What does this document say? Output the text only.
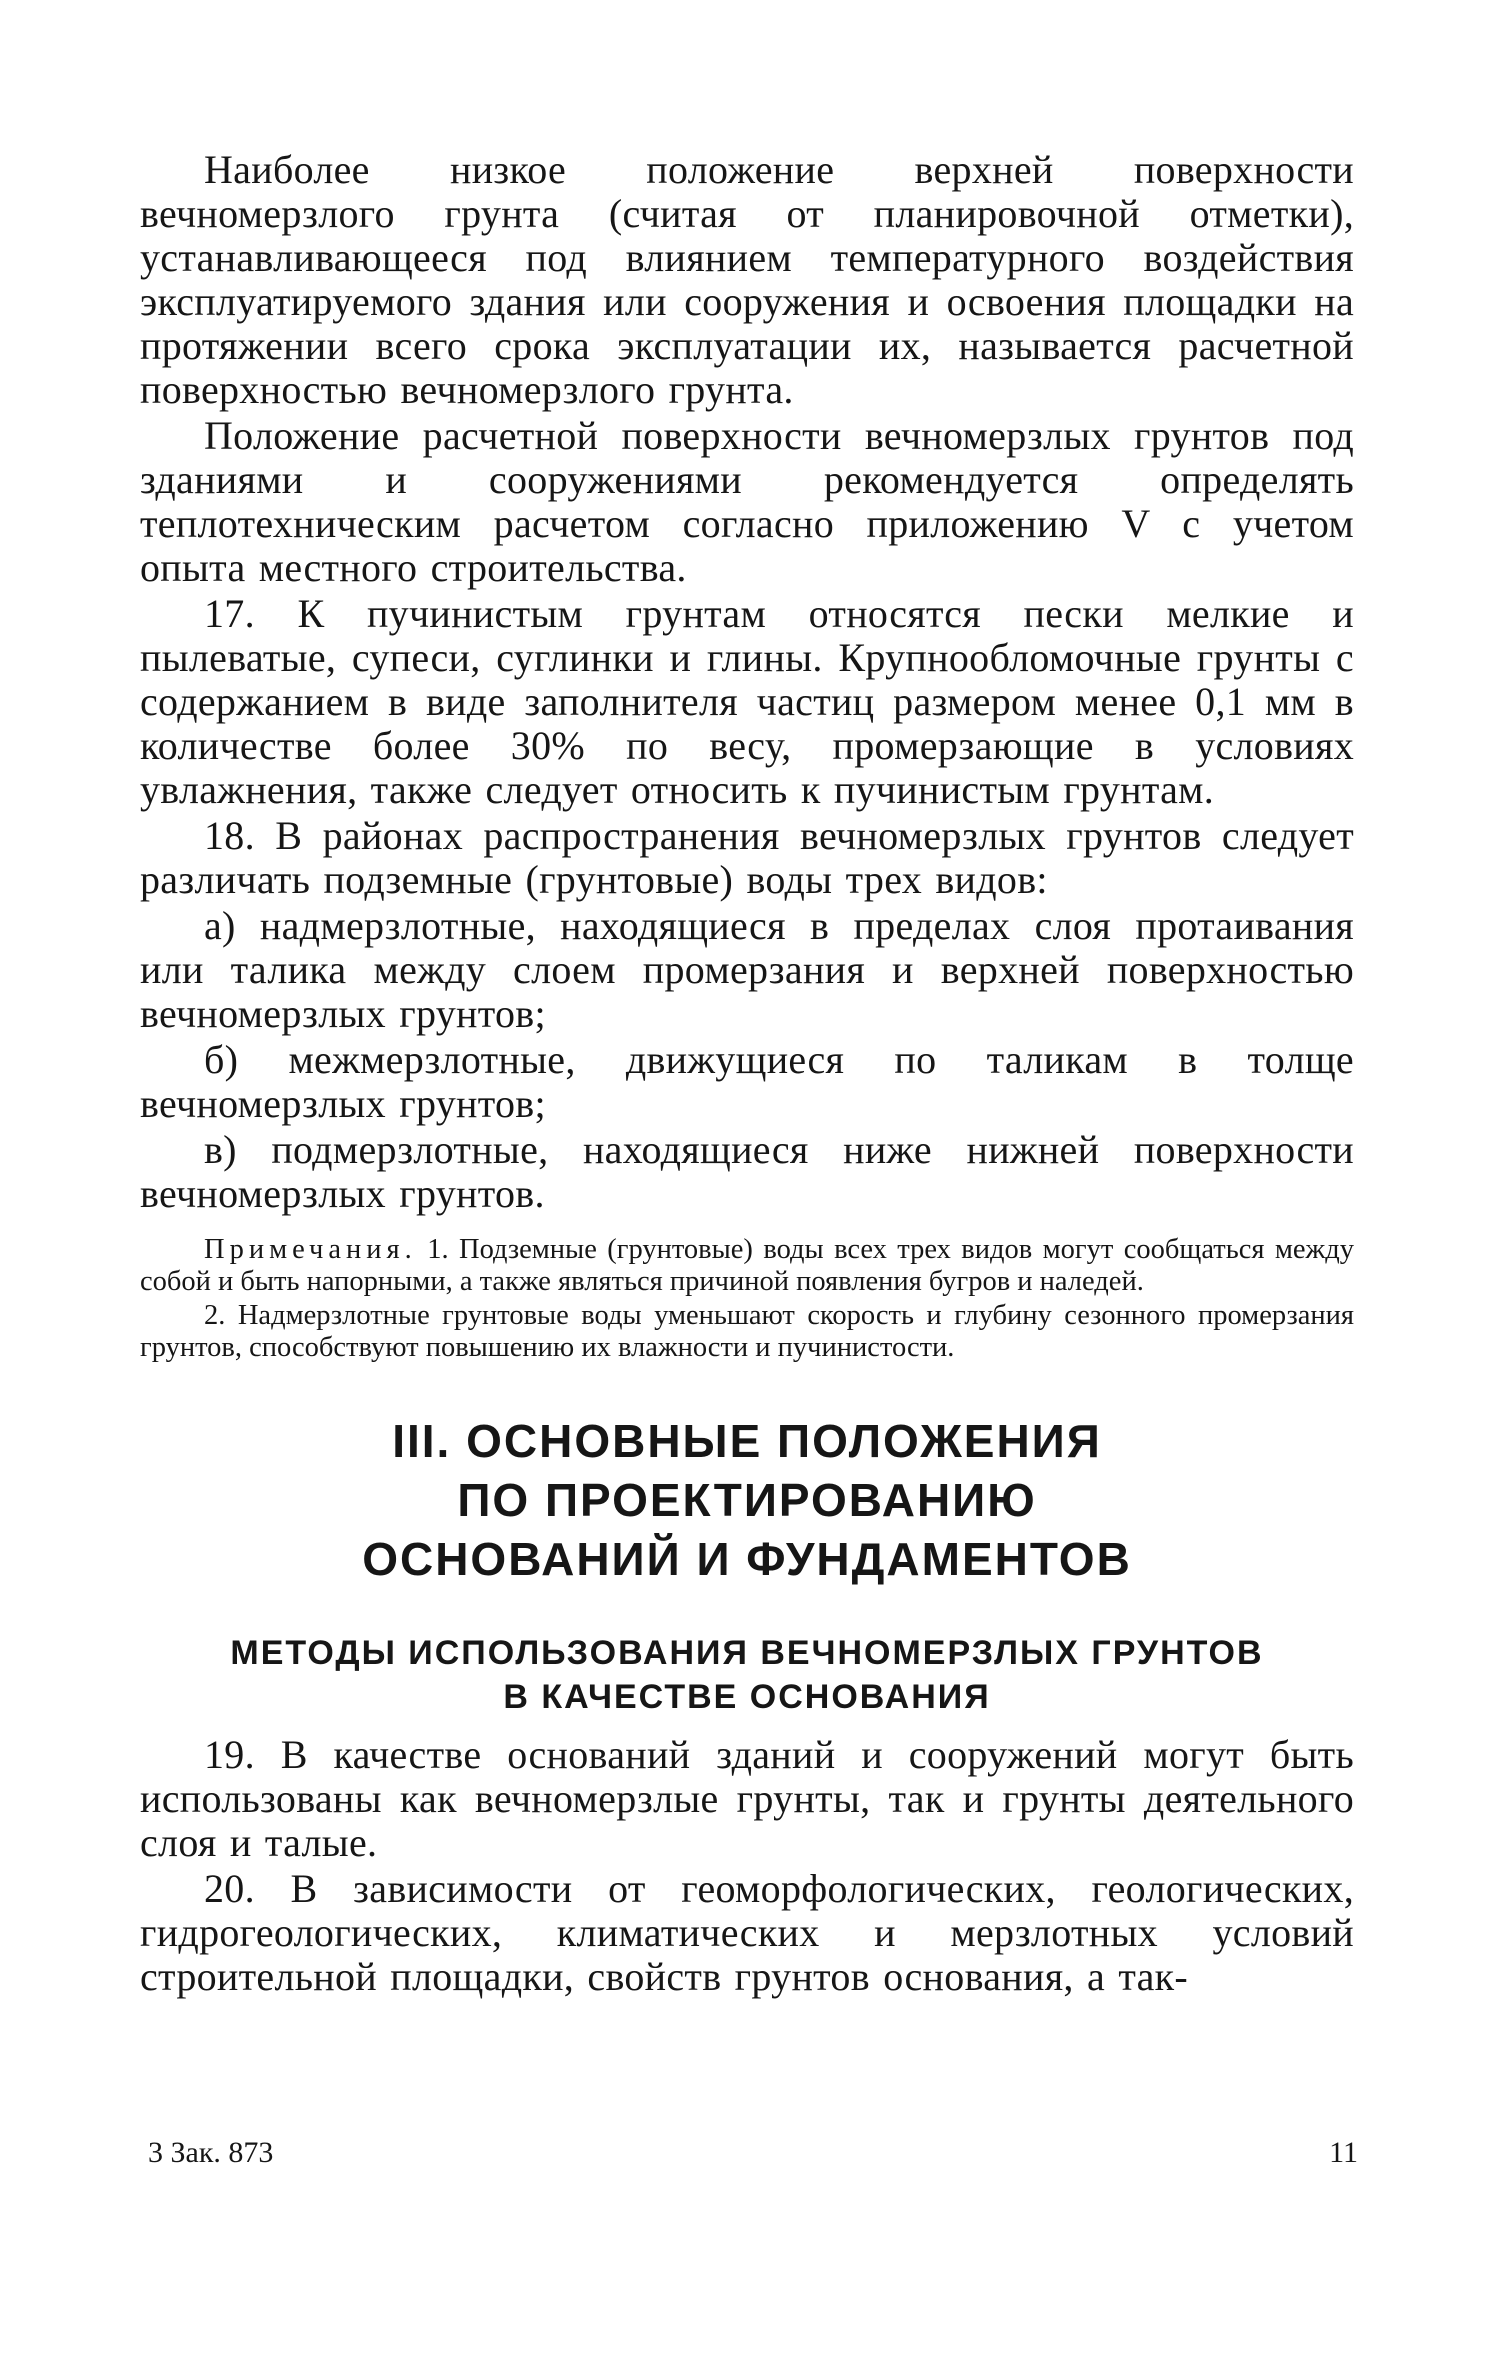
Наиболее низкое положение верхней поверхности вечномерзлого грунта (считая от планировочной отметки), устанавливающееся под влиянием температурного воздействия эксплуатируемого здания или сооружения и освоения площадки на протяжении всего срока эксплуатации их, называется расчетной поверхностью вечномерзлого грунта.

Положение расчетной поверхности вечномерзлых грунтов под зданиями и сооружениями рекомендуется определять теплотехническим расчетом согласно приложению V с учетом опыта местного строительства.

17. К пучинистым грунтам относятся пески мелкие и пылеватые, супеси, суглинки и глины. Крупнообломочные грунты с содержанием в виде заполнителя частиц размером менее 0,1 мм в количестве более 30% по весу, промерзающие в условиях увлажнения, также следует относить к пучинистым грунтам.

18. В районах распространения вечномерзлых грунтов следует различать подземные (грунтовые) воды трех видов:

а) надмерзлотные, находящиеся в пределах слоя протаивания или талика между слоем промерзания и верхней поверхностью вечномерзлых грунтов;

б) межмерзлотные, движущиеся по таликам в толще вечномерзлых грунтов;

в) подмерзлотные, находящиеся ниже нижней поверхности вечномерзлых грунтов.

Примечания. 1. Подземные (грунтовые) воды всех трех видов могут сообщаться между собой и быть напорными, а также являться причиной появления бугров и наледей.

2. Надмерзлотные грунтовые воды уменьшают скорость и глубину сезонного промерзания грунтов, способствуют повышению их влажности и пучинистости.

III. ОСНОВНЫЕ ПОЛОЖЕНИЯ
ПО ПРОЕКТИРОВАНИЮ
ОСНОВАНИЙ И ФУНДАМЕНТОВ
МЕТОДЫ ИСПОЛЬЗОВАНИЯ ВЕЧНОМЕРЗЛЫХ ГРУНТОВ
В КАЧЕСТВЕ ОСНОВАНИЯ

19. В качестве оснований зданий и сооружений могут быть использованы как вечномерзлые грунты, так и грунты деятельного слоя и талые.

20. В зависимости от геоморфологических, геологических, гидрогеологических, климатических и мерзлотных условий строительной площадки, свойств грунтов основания, а так-

3 Зак. 873	11
